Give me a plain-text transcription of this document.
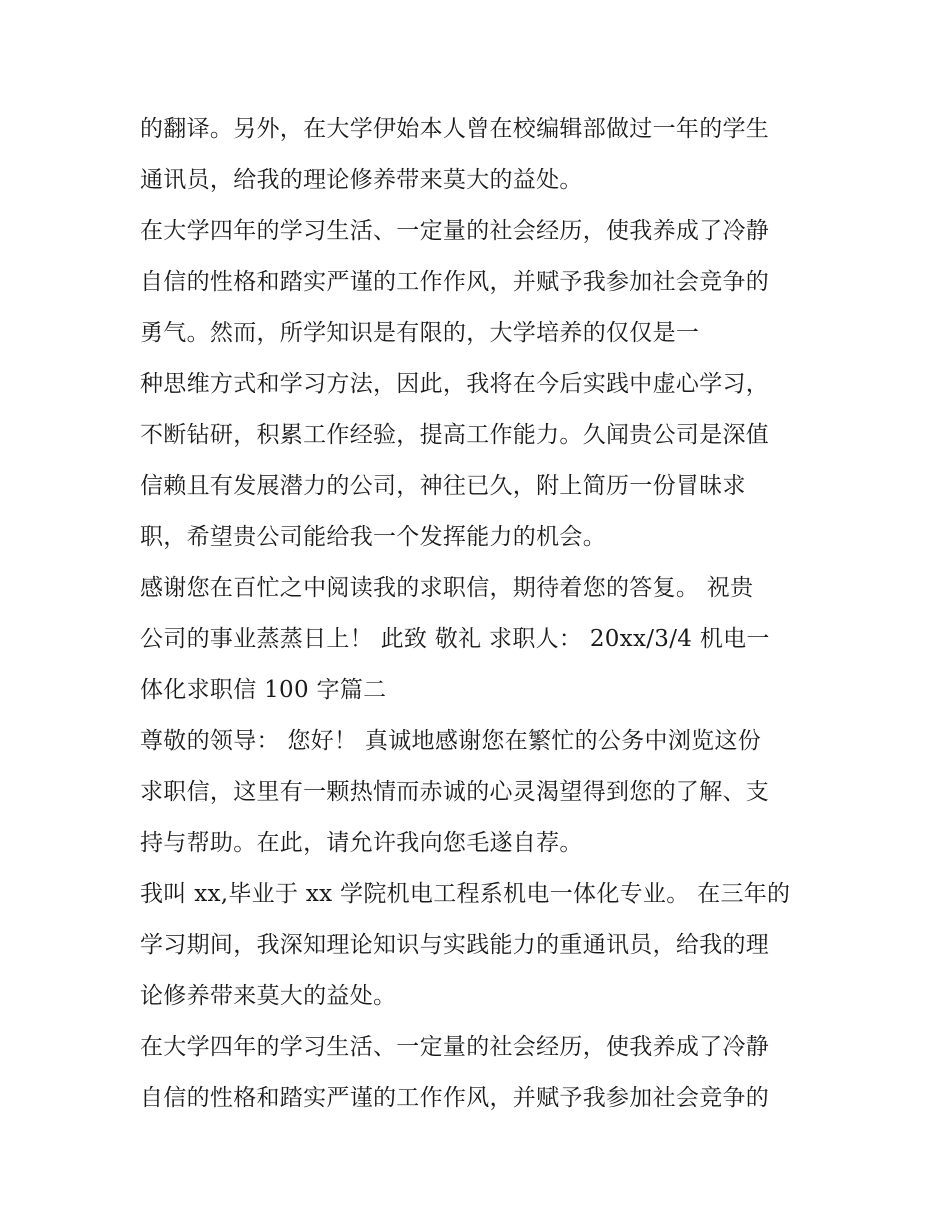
的翻译。另外，在大学伊始本人曾在校编辑部做过一年的学生
通讯员，给我的理论修养带来莫大的益处。
在大学四年的学习生活、一定量的社会经历，使我养成了冷静
自信的性格和踏实严谨的工作作风，并赋予我参加社会竞争的
勇气。然而，所学知识是有限的，大学培养的仅仅是一
种思维方式和学习方法，因此，我将在今后实践中虚心学习，
不断钻研，积累工作经验，提高工作能力。久闻贵公司是深值
信赖且有发展潜力的公司，神往已久，附上简历一份冒昧求
职，希望贵公司能给我一个发挥能力的机会。
感谢您在百忙之中阅读我的求职信，期待着您的答复。 祝贵
公司的事业蒸蒸日上！ 此致 敬礼 求职人： 20xx/3/4 机电一
体化求职信 100 字篇二
尊敬的领导： 您好！ 真诚地感谢您在繁忙的公务中浏览这份
求职信，这里有一颗热情而赤诚的心灵渴望得到您的了解、支
持与帮助。在此，请允许我向您毛遂自荐。
我叫 xx,毕业于 xx 学院机电工程系机电一体化专业。 在三年的
学习期间，我深知理论知识与实践能力的重通讯员，给我的理
论修养带来莫大的益处。
在大学四年的学习生活、一定量的社会经历，使我养成了冷静
自信的性格和踏实严谨的工作作风，并赋予我参加社会竞争的
